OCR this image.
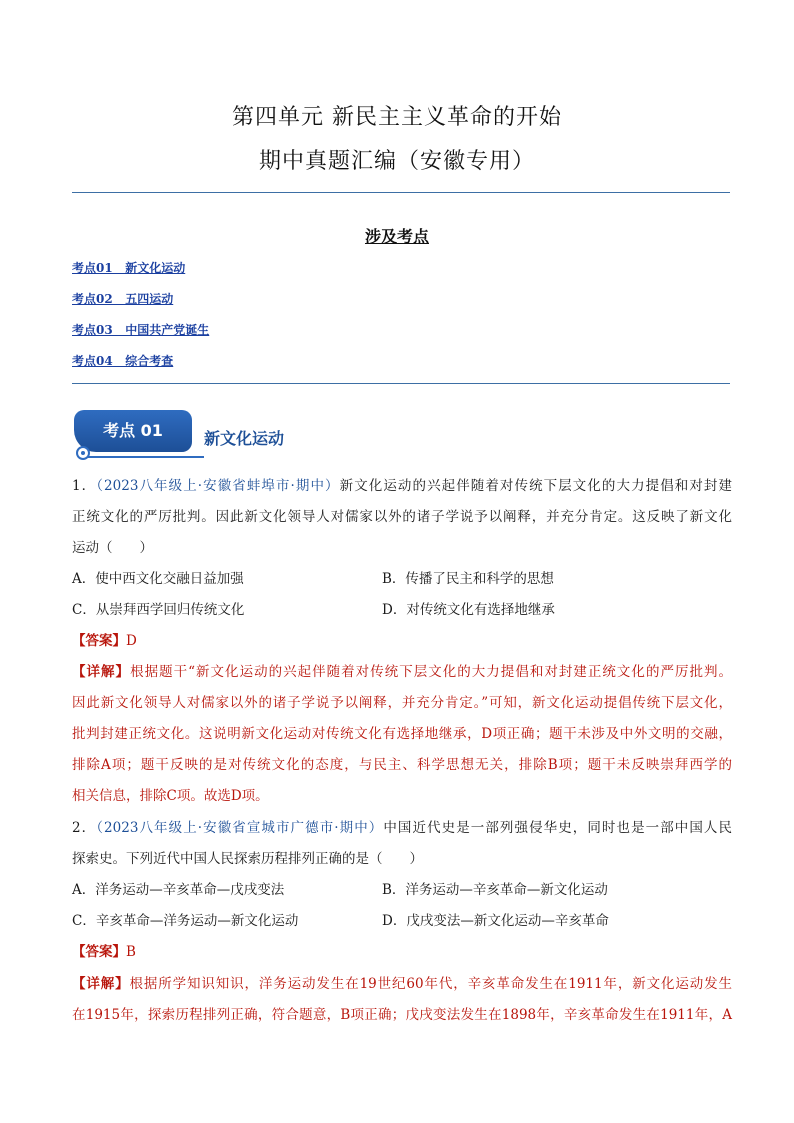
第四单元 新民主主义革命的开始
期中真题汇编（安徽专用）
涉及考点
考点01   新文化运动
考点02   五四运动
考点03   中国共产党诞生
考点04   综合考查
考点 01	新文化运动
1．（2023八年级上·安徽省蚌埠市·期中）新文化运动的兴起伴随着对传统下层文化的大力提倡和对封建
正统文化的严厉批判。因此新文化领导人对儒家以外的诸子学说予以阐释，并充分肯定。这反映了新文化
运动（　　）
A．使中西文化交融日益加强	B．传播了民主和科学的思想
C．从崇拜西学回归传统文化	D．对传统文化有选择地继承
【答案】D
【详解】根据题干“新文化运动的兴起伴随着对传统下层文化的大力提倡和对封建正统文化的严厉批判。
因此新文化领导人对儒家以外的诸子学说予以阐释，并充分肯定。”可知，新文化运动提倡传统下层文化，
批判封建正统文化。这说明新文化运动对传统文化有选择地继承，D项正确；题干未涉及中外文明的交融，
排除A项；题干反映的是对传统文化的态度，与民主、科学思想无关，排除B项；题干未反映崇拜西学的
相关信息，排除C项。故选D项。
2．（2023八年级上·安徽省宣城市广德市·期中）中国近代史是一部列强侵华史，同时也是一部中国人民
探索史。下列近代中国人民探索历程排列正确的是（　　）
A．洋务运动—辛亥革命—戊戌变法	B．洋务运动—辛亥革命—新文化运动
C．辛亥革命—洋务运动—新文化运动	D．戊戌变法—新文化运动—辛亥革命
【答案】B
【详解】根据所学知识知识，洋务运动发生在19世纪60年代，辛亥革命发生在1911年，新文化运动发生
在1915年，探索历程排列正确，符合题意，B项正确；戊戌变法发生在1898年，辛亥革命发生在1911年，A
